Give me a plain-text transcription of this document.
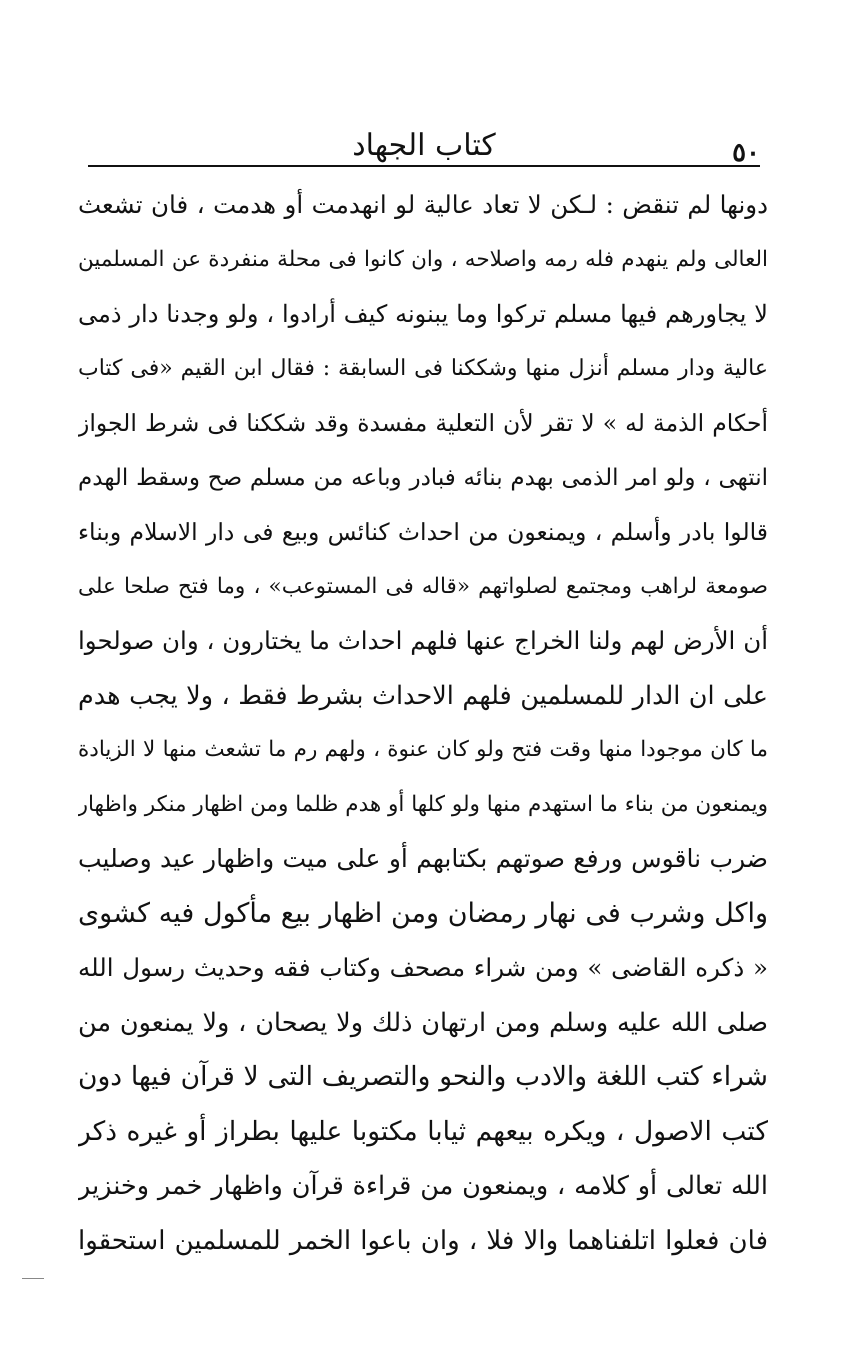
٥٠
كتاب الجهاد
دونها لم تنقض : لـكن لا تعاد عالية لو انهدمت أو هدمت ، فان تشعث
العالى ولم ينهدم فله رمه واصلاحه ، وان كانوا فى محلة منفردة عن المسلمين
لا يجاورهم فيها مسلم تركوا وما يبنونه كيف أرادوا ، ولو وجدنا دار ذمى
عالية ودار مسلم أنزل منها وشككنا فى السابقة : فقال ابن القيم «فى كتاب
أحكام الذمة له » لا تقر لأن التعلية مفسدة وقد شككنا فى شرط الجواز
انتهى ، ولو امر الذمى بهدم بنائه فبادر وباعه من مسلم صح وسقط الهدم
قالوا بادر وأسلم ، ويمنعون من احداث كنائس وبيع فى دار الاسلام وبناء
صومعة لراهب ومجتمع لصلواتهم «قاله فى المستوعب» ، وما فتح صلحا على
أن الأرض لهم ولنا الخراج عنها فلهم احداث ما يختارون ، وان صولحوا
على ان الدار للمسلمين فلهم الاحداث بشرط فقط ، ولا يجب هدم
ما كان موجودا منها وقت فتح ولو كان عنوة ، ولهم رم ما تشعث منها لا الزيادة
ويمنعون من بناء ما استهدم منها ولو كلها أو هدم ظلما ومن اظهار منكر واظهار
ضرب ناقوس ورفع صوتهم بكتابهم أو على ميت واظهار عيد وصليب
واكل وشرب فى نهار رمضان ومن اظهار بيع مأكول فيه كشوى
« ذكره القاضى » ومن شراء مصحف وكتاب فقه وحديث رسول الله
صلى الله عليه وسلم ومن ارتهان ذلك ولا يصحان ، ولا يمنعون من
شراء كتب اللغة والادب والنحو والتصريف التى لا قرآن فيها دون
كتب الاصول ، ويكره بيعهم ثيابا مكتوبا عليها بطراز أو غيره ذكر
الله تعالى أو كلامه ، ويمنعون من قراءة قرآن واظهار خمر وخنزير
فان فعلوا اتلفناهما والا فلا ، وان باعوا الخمر للمسلمين استحقوا
